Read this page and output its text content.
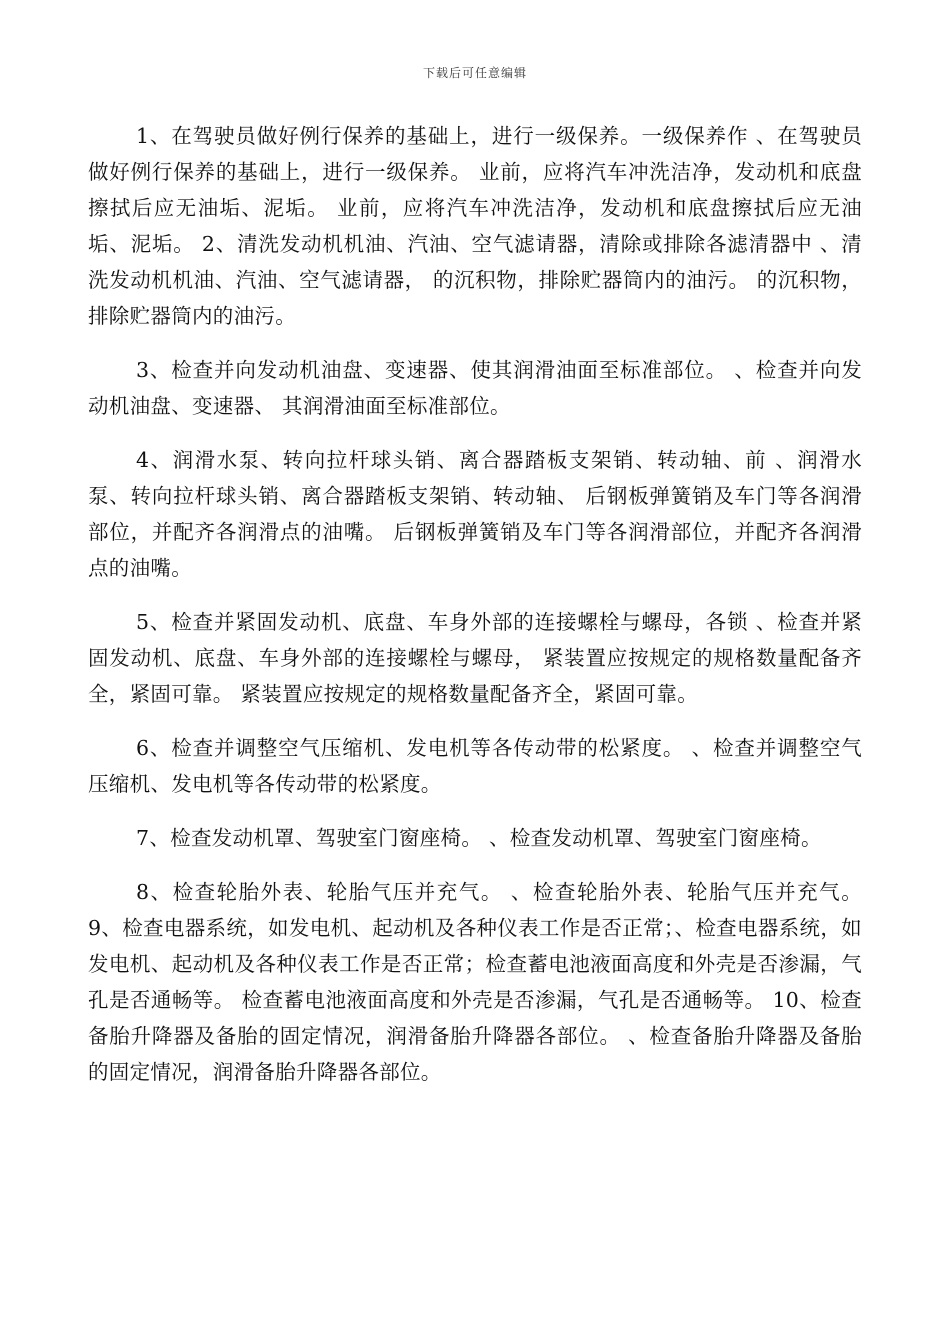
下载后可任意编辑

1、在驾驶员做好例行保养的基础上，进行一级保养。一级保养作 、在驾驶员做好例行保养的基础上，进行一级保养。 业前，应将汽车冲洗洁净，发动机和底盘擦拭后应无油垢、泥垢。 业前，应将汽车冲洗洁净，发动机和底盘擦拭后应无油垢、泥垢。 2、清洗发动机机油、汽油、空气滤请器，清除或排除各滤清器中 、清洗发动机机油、汽油、空气滤请器， 的沉积物，排除贮器筒内的油污。 的沉积物，排除贮器筒内的油污。

3、检查并向发动机油盘、变速器、使其润滑油面至标准部位。 、检查并向发动机油盘、变速器、 其润滑油面至标准部位。

4、润滑水泵、转向拉杆球头销、离合器踏板支架销、转动轴、前 、润滑水泵、转向拉杆球头销、离合器踏板支架销、转动轴、 后钢板弹簧销及车门等各润滑部位，并配齐各润滑点的油嘴。 后钢板弹簧销及车门等各润滑部位，并配齐各润滑点的油嘴。

5、检查并紧固发动机、底盘、车身外部的连接螺栓与螺母，各锁 、检查并紧固发动机、底盘、车身外部的连接螺栓与螺母， 紧装置应按规定的规格数量配备齐全，紧固可靠。 紧装置应按规定的规格数量配备齐全，紧固可靠。

6、检查并调整空气压缩机、发电机等各传动带的松紧度。 、检查并调整空气压缩机、发电机等各传动带的松紧度。

7、检查发动机罩、驾驶室门窗座椅。 、检查发动机罩、驾驶室门窗座椅。

8、检查轮胎外表、轮胎气压并充气。 、检查轮胎外表、轮胎气压并充气。 9、检查电器系统，如发电机、起动机及各种仪表工作是否正常；、检查电器系统，如发电机、起动机及各种仪表工作是否正常；检查蓄电池液面高度和外壳是否渗漏，气孔是否通畅等。 检查蓄电池液面高度和外壳是否渗漏，气孔是否通畅等。 10、检查备胎升降器及备胎的固定情况，润滑备胎升降器各部位。 、检查备胎升降器及备胎的固定情况，润滑备胎升降器各部位。
